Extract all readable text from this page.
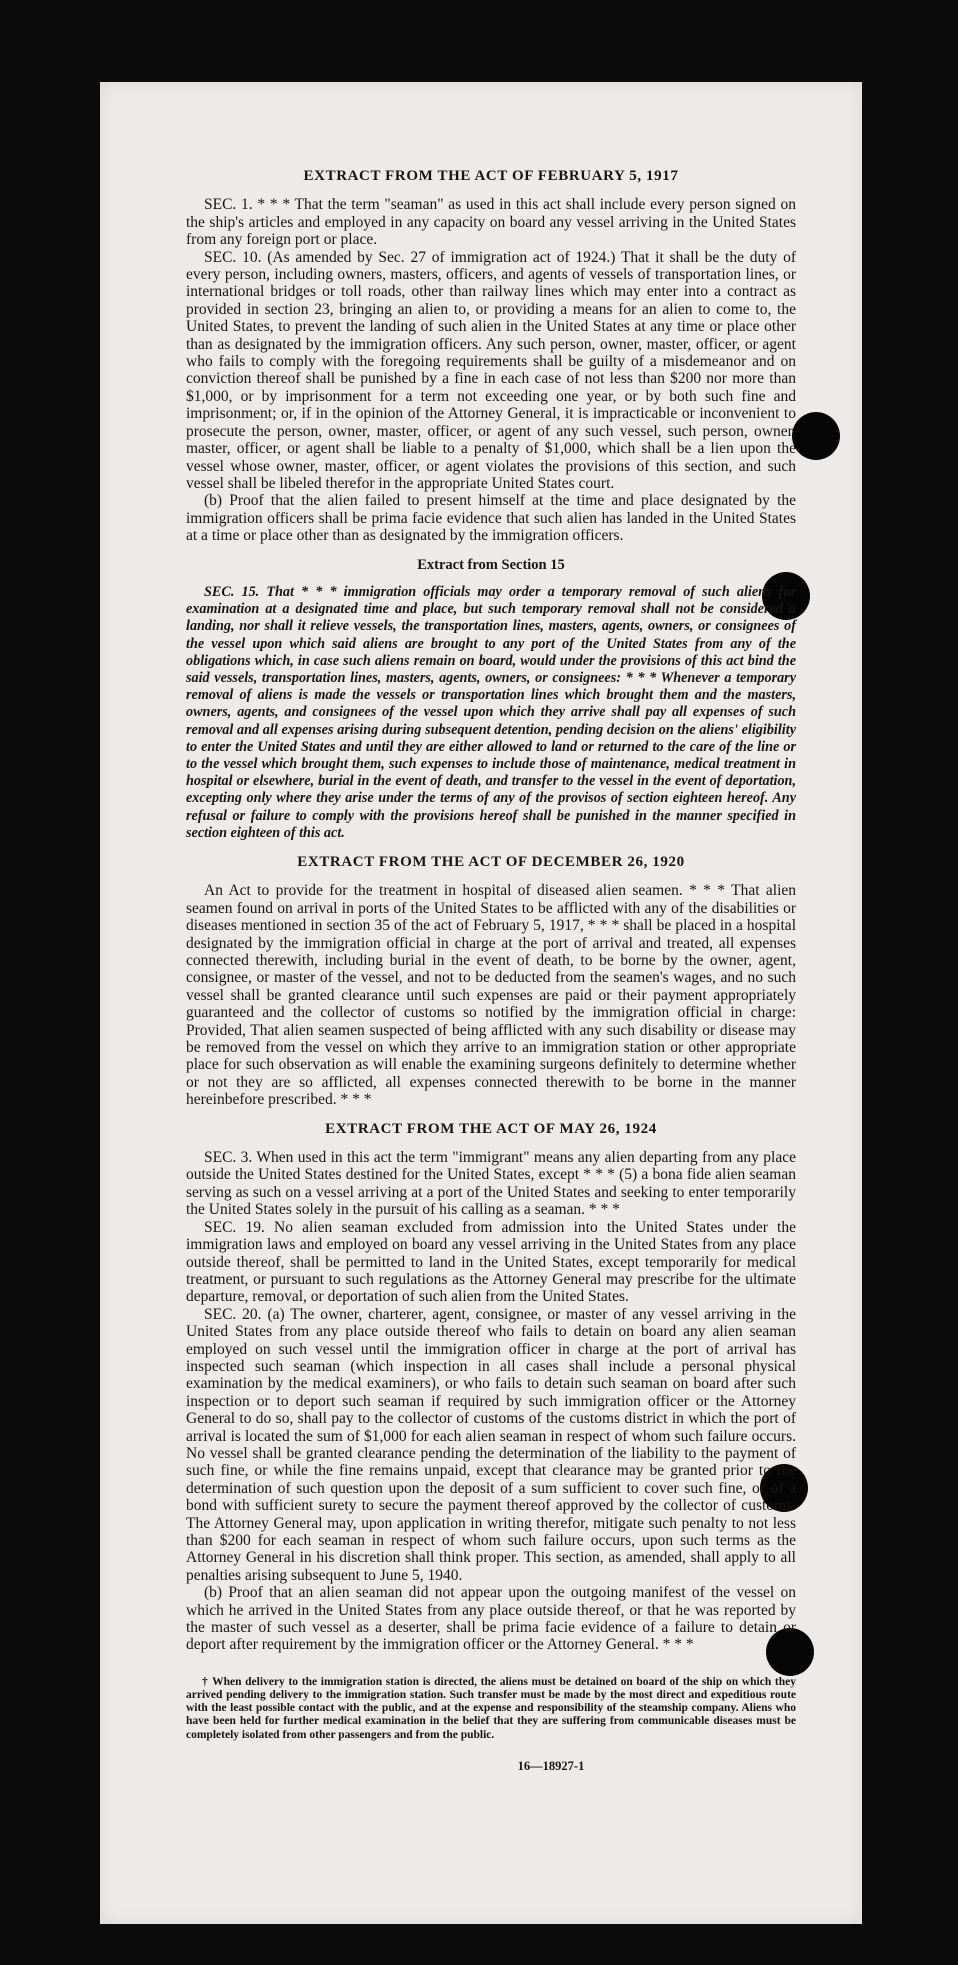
EXTRACT FROM THE ACT OF FEBRUARY 5, 1917

SEC. 1. * * * That the term "seaman" as used in this act shall include every person signed on the ship's articles and employed in any capacity on board any vessel arriving in the United States from any foreign port or place.

SEC. 10. (As amended by Sec. 27 of immigration act of 1924.) That it shall be the duty of every person, including owners, masters, officers, and agents of vessels of transportation lines, or international bridges or toll roads, other than railway lines which may enter into a contract as provided in section 23, bringing an alien to, or providing a means for an alien to come to, the United States, to prevent the landing of such alien in the United States at any time or place other than as designated by the immigration officers. Any such person, owner, master, officer, or agent who fails to comply with the foregoing requirements shall be guilty of a misdemeanor and on conviction thereof shall be punished by a fine in each case of not less than $200 nor more than $1,000, or by imprisonment for a term not exceeding one year, or by both such fine and imprisonment; or, if in the opinion of the Attorney General, it is impracticable or inconvenient to prosecute the person, owner, master, officer, or agent of any such vessel, such person, owner, master, officer, or agent shall be liable to a penalty of $1,000, which shall be a lien upon the vessel whose owner, master, officer, or agent violates the provisions of this section, and such vessel shall be libeled therefor in the appropriate United States court.

(b) Proof that the alien failed to present himself at the time and place designated by the immigration officers shall be prima facie evidence that such alien has landed in the United States at a time or place other than as designated by the immigration officers.

Extract from Section 15

SEC. 15. That * * * immigration officials may order a temporary removal of such aliens for examination at a designated time and place, but such temporary removal shall not be considered a landing, nor shall it relieve vessels, the transportation lines, masters, agents, owners, or consignees of the vessel upon which said aliens are brought to any port of the United States from any of the obligations which, in case such aliens remain on board, would under the provisions of this act bind the said vessels, transportation lines, masters, agents, owners, or consignees: * * * Whenever a temporary removal of aliens is made the vessels or transportation lines which brought them and the masters, owners, agents, and consignees of the vessel upon which they arrive shall pay all expenses of such removal and all expenses arising during subsequent detention, pending decision on the aliens' eligibility to enter the United States and until they are either allowed to land or returned to the care of the line or to the vessel which brought them, such expenses to include those of maintenance, medical treatment in hospital or elsewhere, burial in the event of death, and transfer to the vessel in the event of deportation, excepting only where they arise under the terms of any of the provisos of section eighteen hereof. Any refusal or failure to comply with the provisions hereof shall be punished in the manner specified in section eighteen of this act.

EXTRACT FROM THE ACT OF DECEMBER 26, 1920

An Act to provide for the treatment in hospital of diseased alien seamen. * * * That alien seamen found on arrival in ports of the United States to be afflicted with any of the disabilities or diseases mentioned in section 35 of the act of February 5, 1917, * * * shall be placed in a hospital designated by the immigration official in charge at the port of arrival and treated, all expenses connected therewith, including burial in the event of death, to be borne by the owner, agent, consignee, or master of the vessel, and not to be deducted from the seamen's wages, and no such vessel shall be granted clearance until such expenses are paid or their payment appropriately guaranteed and the collector of customs so notified by the immigration official in charge: Provided, That alien seamen suspected of being afflicted with any such disability or disease may be removed from the vessel on which they arrive to an immigration station or other appropriate place for such observation as will enable the examining surgeons definitely to determine whether or not they are so afflicted, all expenses connected therewith to be borne in the manner hereinbefore prescribed. * * *

EXTRACT FROM THE ACT OF MAY 26, 1924

SEC. 3. When used in this act the term "immigrant" means any alien departing from any place outside the United States destined for the United States, except * * * (5) a bona fide alien seaman serving as such on a vessel arriving at a port of the United States and seeking to enter temporarily the United States solely in the pursuit of his calling as a seaman. * * *

SEC. 19. No alien seaman excluded from admission into the United States under the immigration laws and employed on board any vessel arriving in the United States from any place outside thereof, shall be permitted to land in the United States, except temporarily for medical treatment, or pursuant to such regulations as the Attorney General may prescribe for the ultimate departure, removal, or deportation of such alien from the United States.

SEC. 20. (a) The owner, charterer, agent, consignee, or master of any vessel arriving in the United States from any place outside thereof who fails to detain on board any alien seaman employed on such vessel until the immigration officer in charge at the port of arrival has inspected such seaman (which inspection in all cases shall include a personal physical examination by the medical examiners), or who fails to detain such seaman on board after such inspection or to deport such seaman if required by such immigration officer or the Attorney General to do so, shall pay to the collector of customs of the customs district in which the port of arrival is located the sum of $1,000 for each alien seaman in respect of whom such failure occurs. No vessel shall be granted clearance pending the determination of the liability to the payment of such fine, or while the fine remains unpaid, except that clearance may be granted prior to the determination of such question upon the deposit of a sum sufficient to cover such fine, or of a bond with sufficient surety to secure the payment thereof approved by the collector of customs. The Attorney General may, upon application in writing therefor, mitigate such penalty to not less than $200 for each seaman in respect of whom such failure occurs, upon such terms as the Attorney General in his discretion shall think proper. This section, as amended, shall apply to all penalties arising subsequent to June 5, 1940.

(b) Proof that an alien seaman did not appear upon the outgoing manifest of the vessel on which he arrived in the United States from any place outside thereof, or that he was reported by the master of such vessel as a deserter, shall be prima facie evidence of a failure to detain or deport after requirement by the immigration officer or the Attorney General. * * *

† When delivery to the immigration station is directed, the aliens must be detained on board of the ship on which they arrived pending delivery to the immigration station. Such transfer must be made by the most direct and expeditious route with the least possible contact with the public, and at the expense and responsibility of the steamship company. Aliens who have been held for further medical examination in the belief that they are suffering from communicable diseases must be completely isolated from other passengers and from the public.
16—18927-1
